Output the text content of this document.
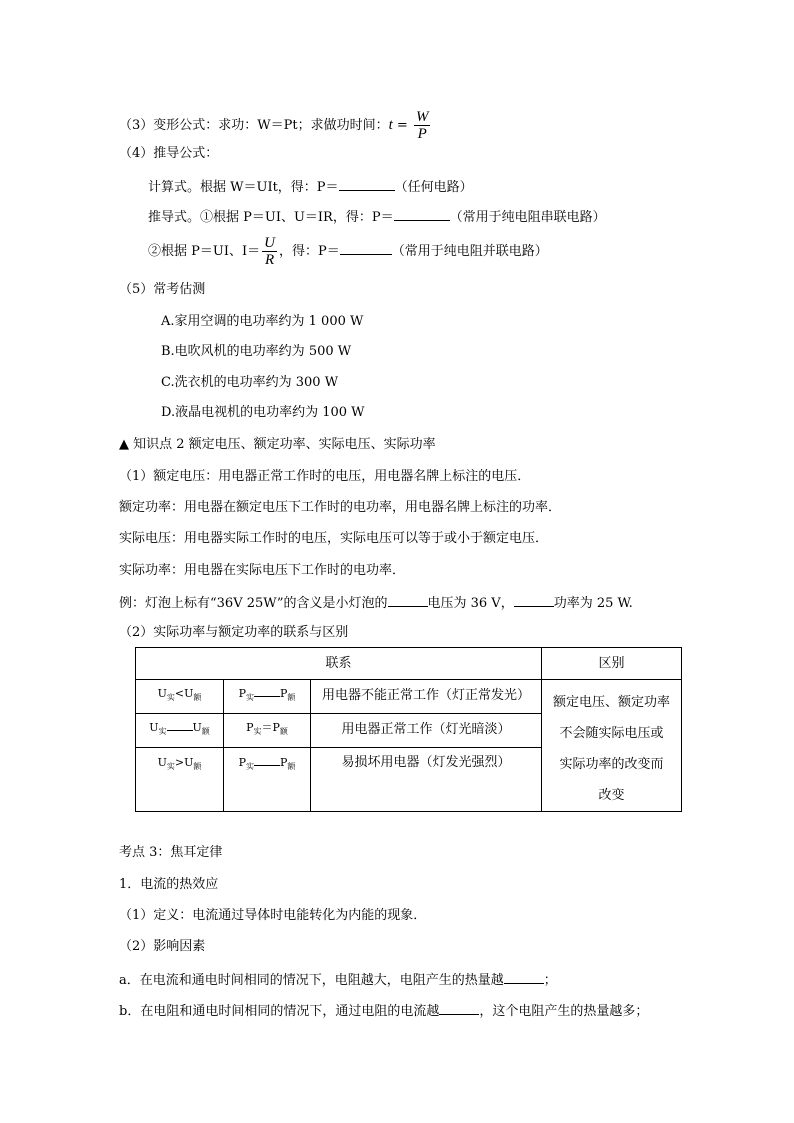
（3）变形公式：求功：W＝Pt；求做功时间：$t = \frac{W}{P}$
（4）推导公式：
计算式。根据 W＝UIt，得：P＝	（任何电路）
推导式。①根据 P＝UI、U＝IR，得：P＝	（常用于纯电阻串联电路）
②根据 P＝UI、$I= \frac{U}{R}$ ，得：P＝	（常用于纯电阻并联电路）
（5）常考估测
A.家用空调的电功率约为 1 000 W
B.电吹风机的电功率约为 500 W
C.洗衣机的电功率约为 300 W
D.液晶电视机的电功率约为 100 W
▲ 知识点 2 额定电压、额定功率、实际电压、实际功率
（1）额定电压：用电器正常工作时的电压，用电器名牌上标注的电压．
额定功率：用电器在额定电压下工作时的电功率，用电器名牌上标注的功率．
实际电压：用电器实际工作时的电压，实际电压可以等于或小于额定电压．
实际功率：用电器在实际电压下工作时的电功率．
例：灯泡上标有“36V 25W”的含义是小灯泡的	电压为 36 V，	功率为 25 W.
（2）实际功率与额定功率的联系与区别
联系			区别
$U_实<U_额$	$P_实$ $P_额$	用电器不能正常工作（灯正常发光）	额定电压、额定功率
不会随实际电压或
实际功率的改变而
改变

$U_实$ $U_额$	$P_实=P_额$	用电器正常工作（灯光暗淡）	
$U_实>U_额$	$P_实$ $P_额$	易损坏用电器（灯发光强烈）	
考点 3：焦耳定律
1．电流的热效应
（1）定义：电流通过导体时电能转化为内能的现象．
（2）影响因素
a．在电流和通电时间相同的情况下，电阻越大，电阻产生的热量越	；
b．在电阻和通电时间相同的情况下，通过电阻的电流越	，这个电阻产生的热量越多；
